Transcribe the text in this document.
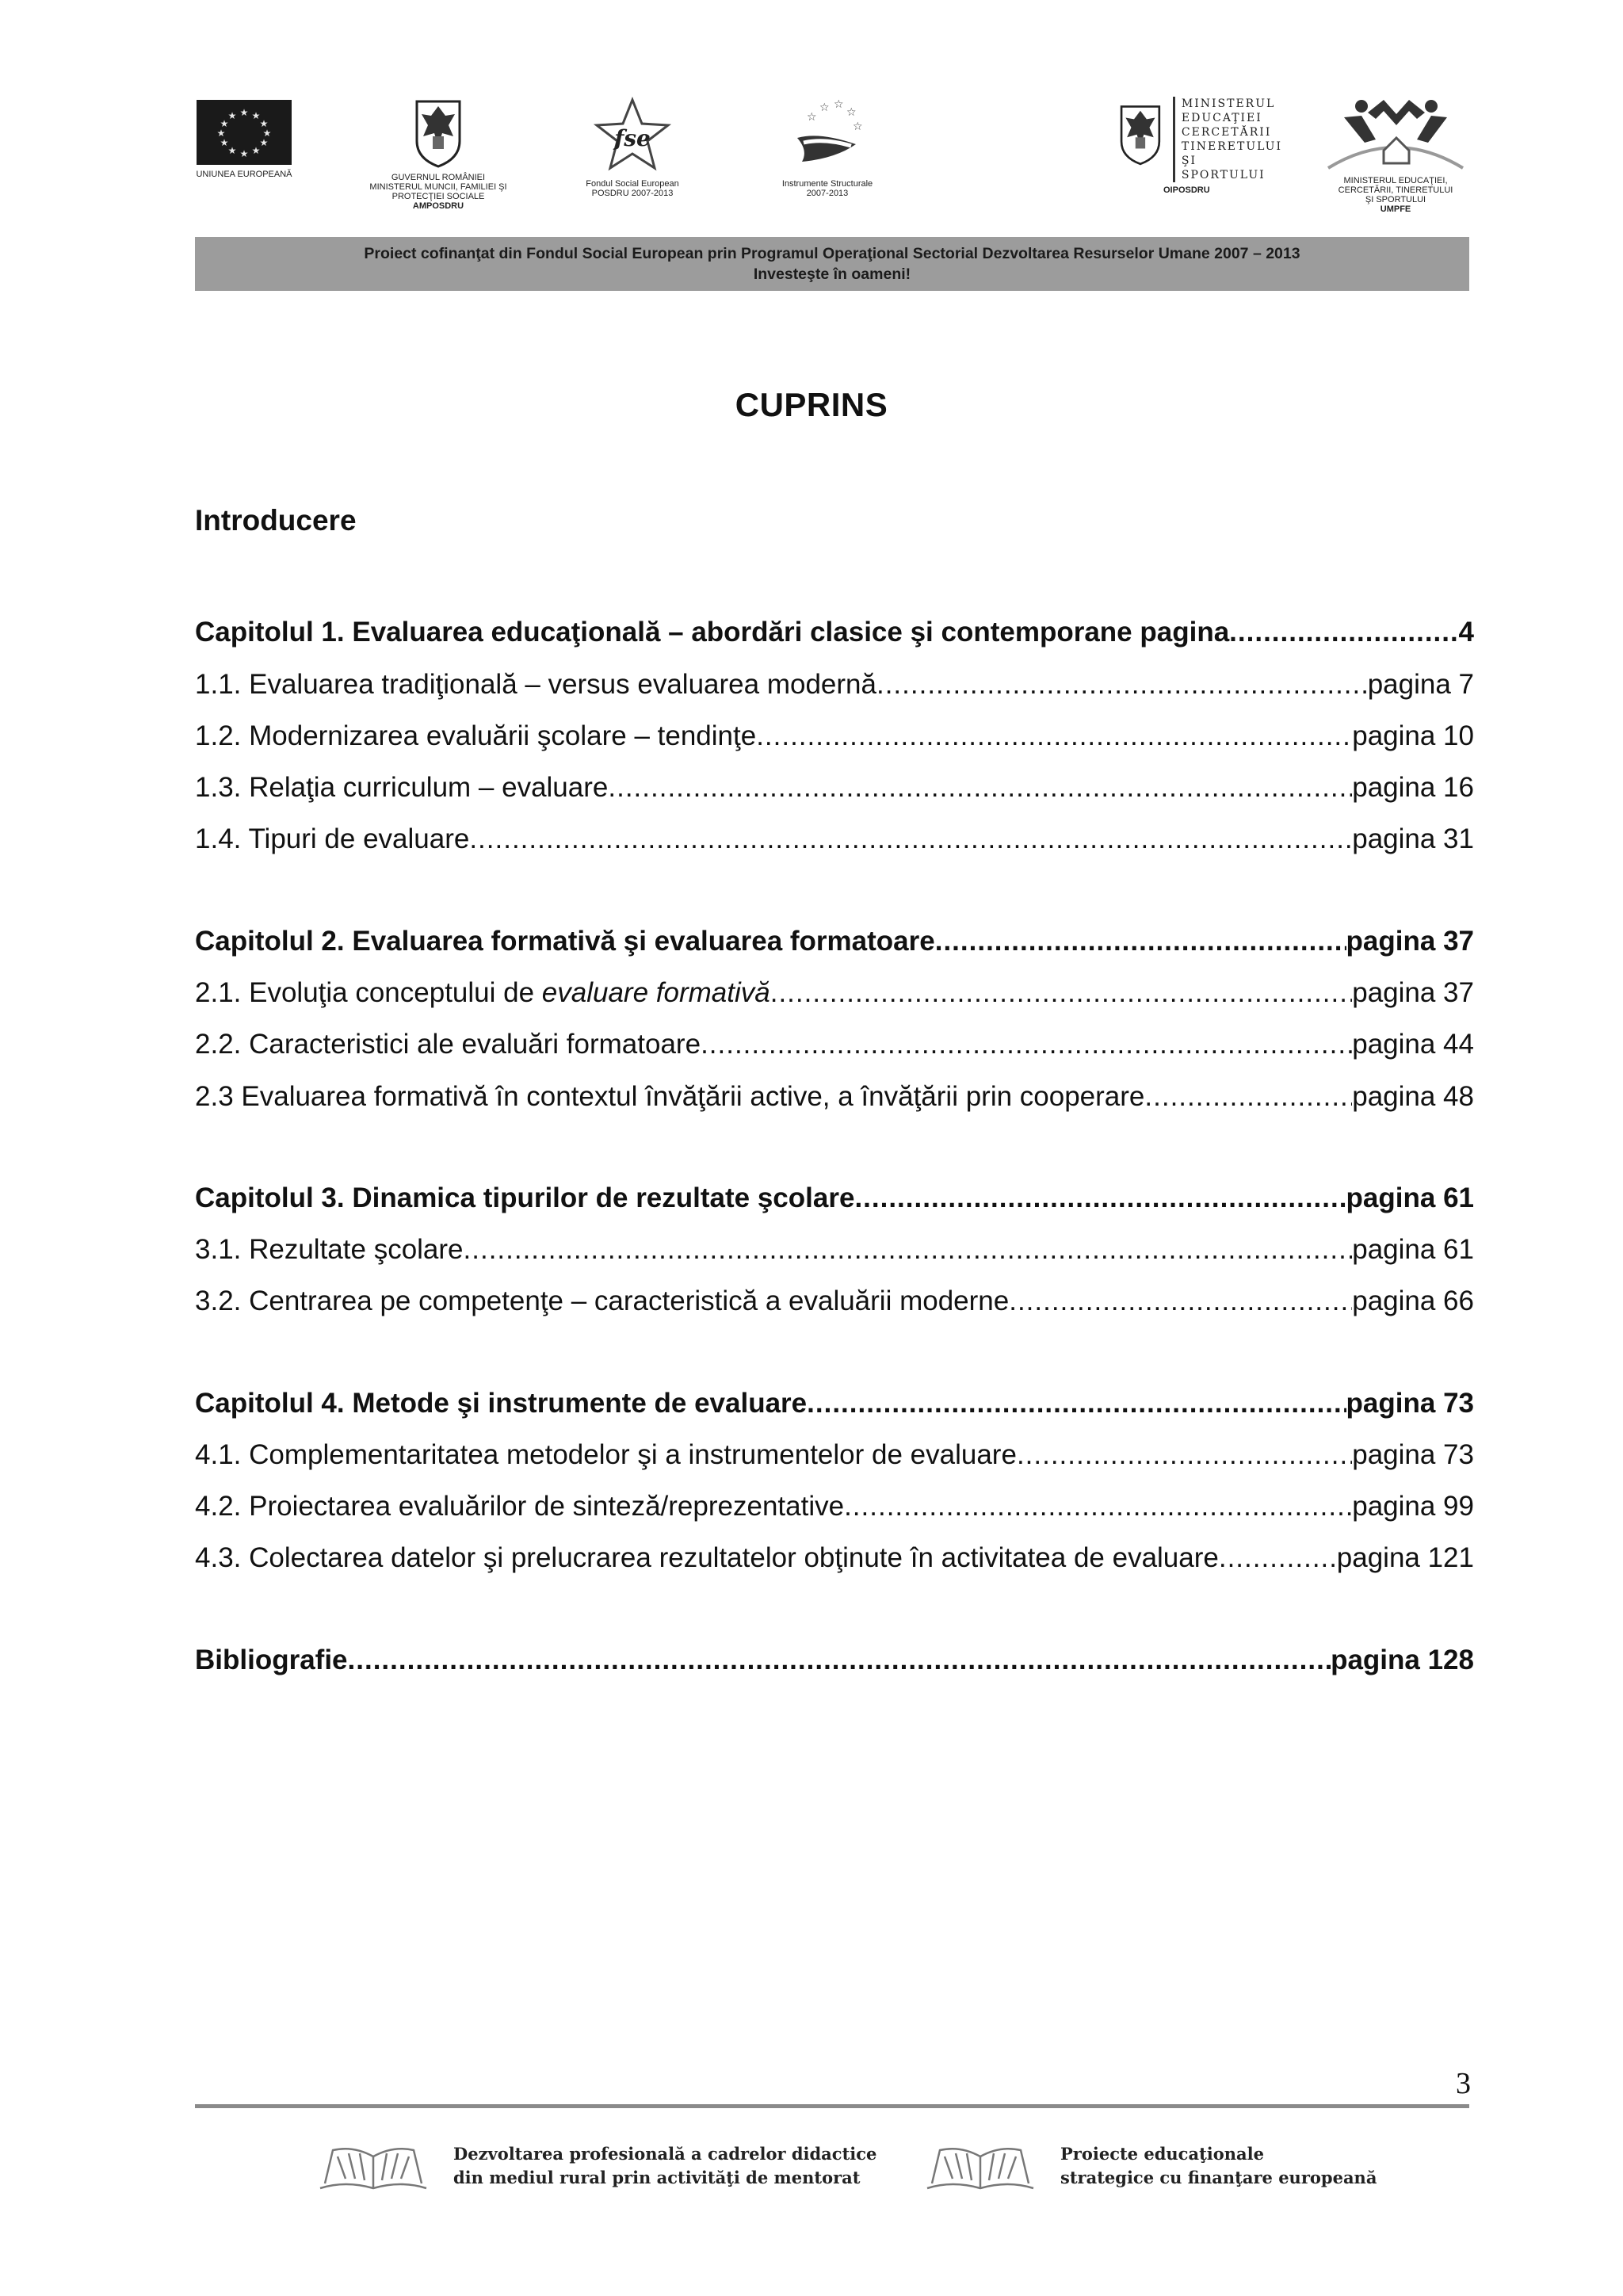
★ ★
★
★
★
★
★
★
★
★
★
★
UNIUNEA EUROPEANĂ	GUVERNUL ROMÂNIEI
MINISTERUL MUNCII, FAMILIEI ŞI
PROTECŢIEI SOCIALE
AMPOSDRU
fse
Fondul Social European
POSDRU 2007-2013
☆ ☆
☆
☆
☆
Instrumente Structurale
2007-2013
MINISTERUL
EDUCAŢIEI
CERCETĂRII
TINERETULUI
ŞI SPORTULUI
OIPOSDRU
MINISTERUL EDUCAŢIEI,
CERCETĂRII, TINERETULUI
ŞI SPORTULUI
UMPFE
Proiect cofinanţat din Fondul Social European prin Programul Operaţional Sectorial Dezvoltarea Resurselor Umane 2007 – 2013
Investeşte în oameni!
CUPRINS
Introducere
Capitolul 1. Evaluarea educaţională – abordări clasice şi contemporane pagina .....	4
1.1. Evaluarea tradiţională – versus evaluarea modernă .....	pagina 7
1.2. Modernizarea evaluării şcolare – tendinţe .....	pagina 10
1.3. Relaţia curriculum – evaluare .....	pagina 16
1.4. Tipuri de evaluare .....	pagina 31
Capitolul 2. Evaluarea formativă şi evaluarea formatoare .....	pagina 37
2.1. Evoluţia conceptului de evaluare formativă .....	pagina 37
2.2. Caracteristici ale evaluări formatoare .....	pagina 44
2.3 Evaluarea formativă în contextul învăţării active, a învăţării prin cooperare .....	pagina 48
Capitolul 3. Dinamica tipurilor de rezultate şcolare .....	pagina 61
3.1. Rezultate şcolare .....	pagina 61
3.2. Centrarea pe competenţe – caracteristică a evaluării moderne .....	pagina 66
Capitolul 4. Metode şi instrumente de evaluare .....	pagina 73
4.1. Complementaritatea metodelor şi a instrumentelor de evaluare .....	pagina 73
4.2. Proiectarea evaluărilor de sinteză/reprezentative .....	pagina 99
4.3. Colectarea datelor şi prelucrarea rezultatelor obţinute în activitatea de evaluare .....	pagina 121
Bibliografie .....	pagina 128
3
Dezvoltarea profesională a cadrelor didactice
din mediul rural prin activităţi de mentorat
Proiecte educaţionale
strategice cu finanţare europeană
